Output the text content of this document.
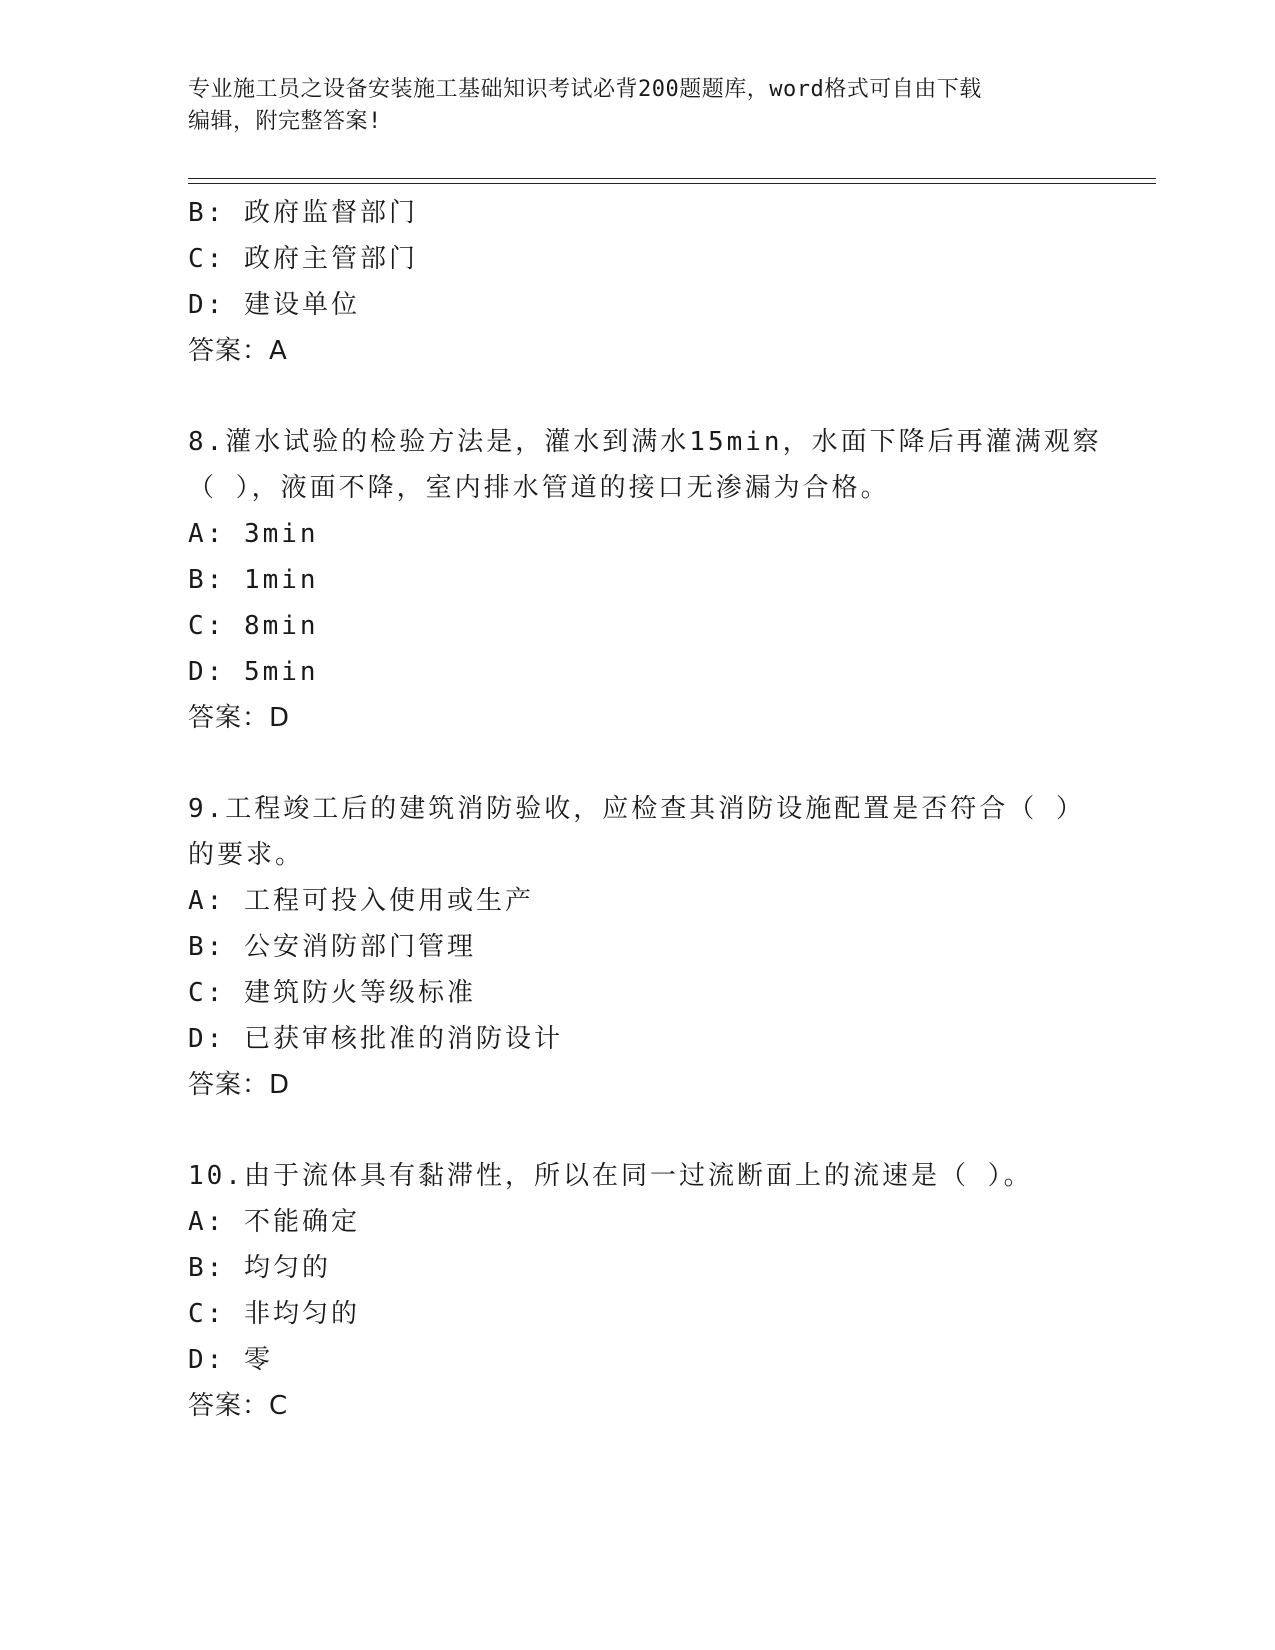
专业施工员之设备安装施工基础知识考试必背200题题库，word格式可自由下载
编辑，附完整答案!
B: 政府监督部门
C: 政府主管部门
D: 建设单位
答案：A
8.灌水试验的检验方法是，灌水到满水15min，水面下降后再灌满观察
（ ），液面不降，室内排水管道的接口无渗漏为合格。
A: 3min
B: 1min
C: 8min
D: 5min
答案：D
9.工程竣工后的建筑消防验收，应检查其消防设施配置是否符合（ ）
的要求。
A: 工程可投入使用或生产
B: 公安消防部门管理
C: 建筑防火等级标准
D: 已获审核批准的消防设计
答案：D
10.由于流体具有黏滞性，所以在同一过流断面上的流速是（ ）。
A: 不能确定
B: 均匀的
C: 非均匀的
D: 零
答案：C
